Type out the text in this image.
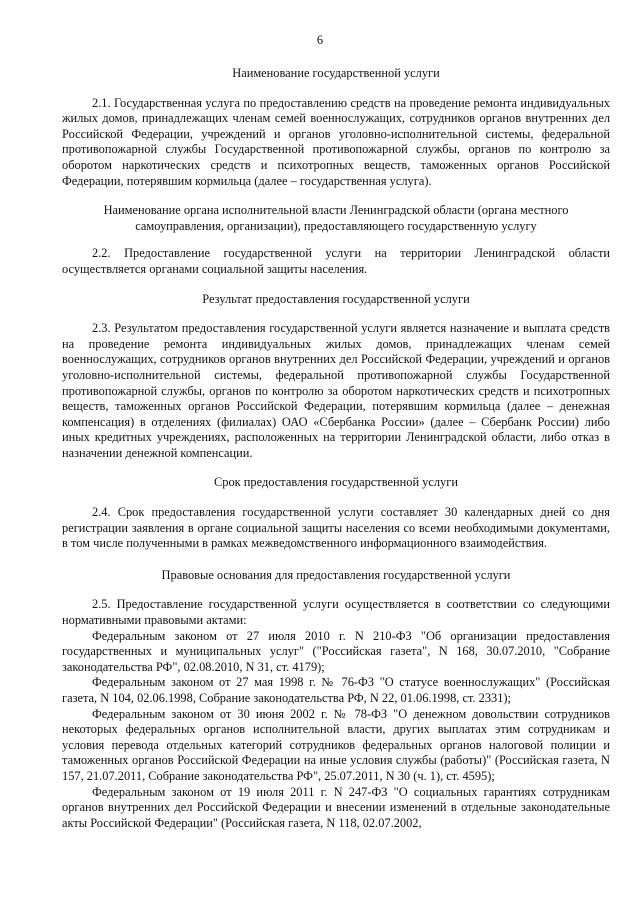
6

Наименование государственной услуги

2.1. Государственная услуга по предоставлению средств на проведение ремонта индивидуальных жилых домов, принадлежащих членам семей военнослужащих, сотрудников органов внутренних дел Российской Федерации, учреждений и органов уголовно-исполнительной системы, федеральной противопожарной службы Государственной противопожарной службы, органов по контролю за оборотом наркотических средств и психотропных веществ, таможенных органов Российской Федерации, потерявшим кормильца (далее – государственная услуга).

Наименование органа исполнительной власти Ленинградской области (органа местного

самоуправления, организации), предоставляющего государственную услугу

2.2. Предоставление государственной услуги на территории Ленинградской области осуществляется органами социальной защиты населения.

Результат предоставления государственной услуги

2.3. Результатом предоставления государственной услуги является назначение и выплата средств на проведение ремонта индивидуальных жилых домов, принадлежащих членам семей военнослужащих, сотрудников органов внутренних дел Российской Федерации, учреждений и органов уголовно-исполнительной системы, федеральной противопожарной службы Государственной противопожарной службы, органов по контролю за оборотом наркотических средств и психотропных веществ, таможенных органов Российской Федерации, потерявшим кормильца (далее – денежная компенсация) в отделениях (филиалах) ОАО «Сбербанка России» (далее – Сбербанк России) либо иных кредитных учреждениях, расположенных на территории Ленинградской области, либо отказ в назначении денежной компенсации.

Срок предоставления государственной услуги

2.4. Срок предоставления государственной услуги составляет 30 календарных дней со дня регистрации заявления в органе социальной защиты населения со всеми необходимыми документами, в том числе полученными в рамках межведомственного информационного взаимодействия.

Правовые основания для предоставления государственной услуги

2.5. Предоставление государственной услуги осуществляется в соответствии со следующими нормативными правовыми актами:

Федеральным законом от 27 июля 2010 г. N 210-ФЗ "Об организации предоставления государственных и муниципальных услуг" ("Российская газета", N 168, 30.07.2010, "Собрание законодательства РФ", 02.08.2010, N 31, ст. 4179);

Федеральным законом от 27 мая 1998 г. № 76-ФЗ "О статусе военнослужащих" (Российская газета, N 104, 02.06.1998, Собрание законодательства РФ, N 22, 01.06.1998, ст. 2331);

Федеральным законом от 30 июня 2002 г. № 78-ФЗ "О денежном довольствии сотрудников некоторых федеральных органов исполнительной власти, других выплатах этим сотрудникам и условия перевода отдельных категорий сотрудников федеральных органов налоговой полиции и таможенных органов Российской Федерации на иные условия службы (работы)" (Российская газета, N 157, 21.07.2011, Собрание законодательства РФ", 25.07.2011, N 30 (ч. 1), ст. 4595);

Федеральным законом от 19 июля 2011 г. N 247-ФЗ "О социальных гарантиях сотрудникам органов внутренних дел Российской Федерации и внесении изменений в отдельные законодательные акты Российской Федерации" (Российская газета, N 118, 02.07.2002,
